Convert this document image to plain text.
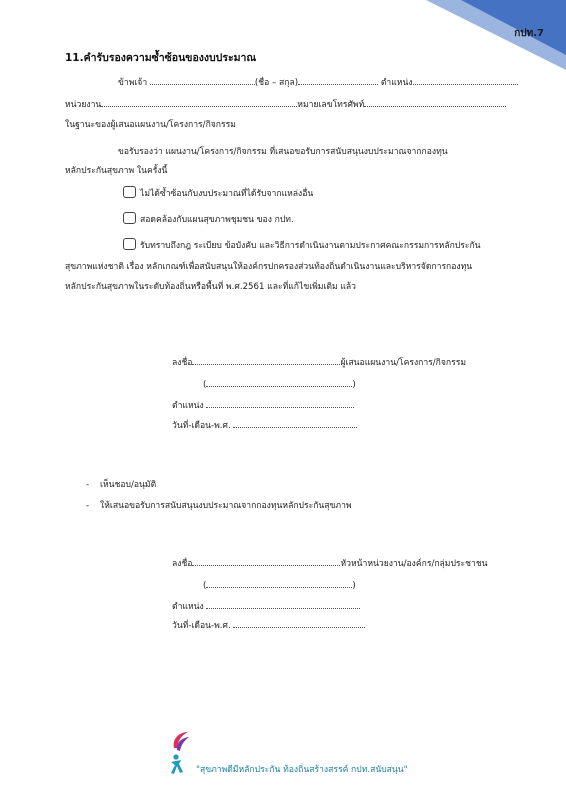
กปท.7
11.คำรับรองความซ้ำซ้อนของงบประมาณ
ข้าพเจ้า	(ชื่อ – สกุล)	ตำแหน่ง
หน่วยงาน	หมายเลขโทรศัพท์
ในฐานะของผู้เสนอแผนงาน/โครงการ/กิจกรรม
ขอรับรองว่า แผนงาน/โครงการ/กิจกรรม ที่เสนอขอรับการสนับสนุนงบประมาณจากกองทุน
หลักประกันสุขภาพ ในครั้งนี้
ไม่ได้ซ้ำซ้อนกับงบประมาณที่ได้รับจากแหล่งอื่น
สอดคล้องกับแผนสุขภาพชุมชน ของ กปท.
รับทราบถึงกฎ ระเบียบ ข้อบังคับ และวิธีการดำเนินงานตามประกาศคณะกรรมการหลักประกัน
สุขภาพแห่งชาติ เรื่อง หลักเกณฑ์เพื่อสนับสนุนให้องค์กรปกครองส่วนท้องถิ่นดำเนินงานและบริหารจัดการกองทุน
หลักประกันสุขภาพในระดับท้องถิ่นหรือพื้นที่ พ.ศ.2561 และที่แก้ไขเพิ่มเติม แล้ว
ลงชื่อ	ผู้เสนอแผนงาน/โครงการ/กิจกรรม
(	)
ตำแหน่ง
วันที่-เดือน-พ.ศ.
- เห็นชอบ/อนุมัติ
- ให้เสนอขอรับการสนับสนุนงบประมาณจากกองทุนหลักประกันสุขภาพ
ลงชื่อ	หัวหน้าหน่วยงาน/องค์กร/กลุ่มประชาชน
(	)
ตำแหน่ง
วันที่-เดือน-พ.ศ.
"สุขภาพดีมีหลักประกัน ท้องถิ่นสร้างสรรค์ กปท.สนับสนุน"
